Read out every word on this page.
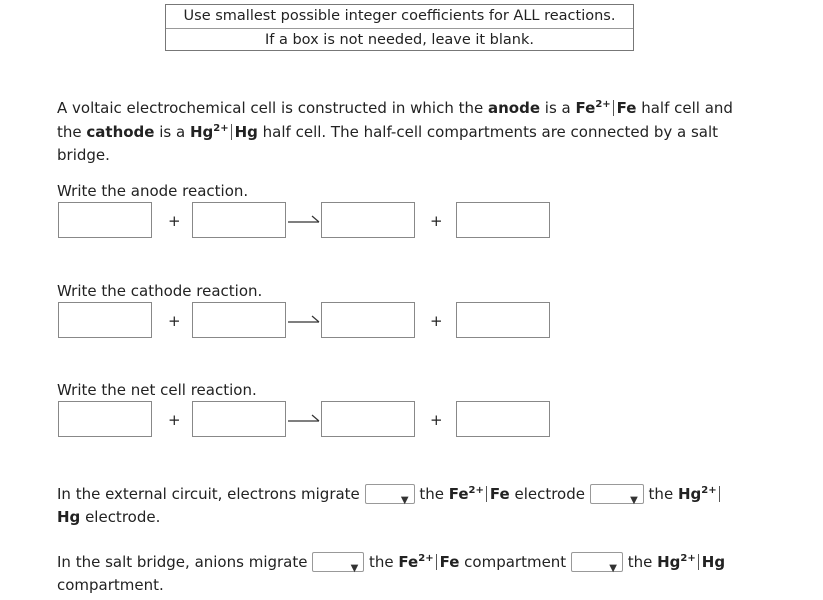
Use smallest possible integer coefficients for ALL reactions.
If a box is not needed, leave it blank.
A voltaic electrochemical cell is constructed in which the anode is a $Fe^{2+}$ Fe half cell and
the cathode is a $Hg^{2+}$ Hg half cell. The half-cell compartments are connected by a salt
bridge.
Write the anode reaction.
+	+
Write the cathode reaction.
+	+
Write the net cell reaction.
+	+
In the external circuit, electrons migrate	▼ the $Fe^{2+}$ Fe electrode	▼ the $Hg^{2+}$
Hg electrode.
In the salt bridge, anions migrate	▼ the $Fe^{2+}$ Fe compartment	▼ the $Hg^{2+}$ Hg
compartment.
